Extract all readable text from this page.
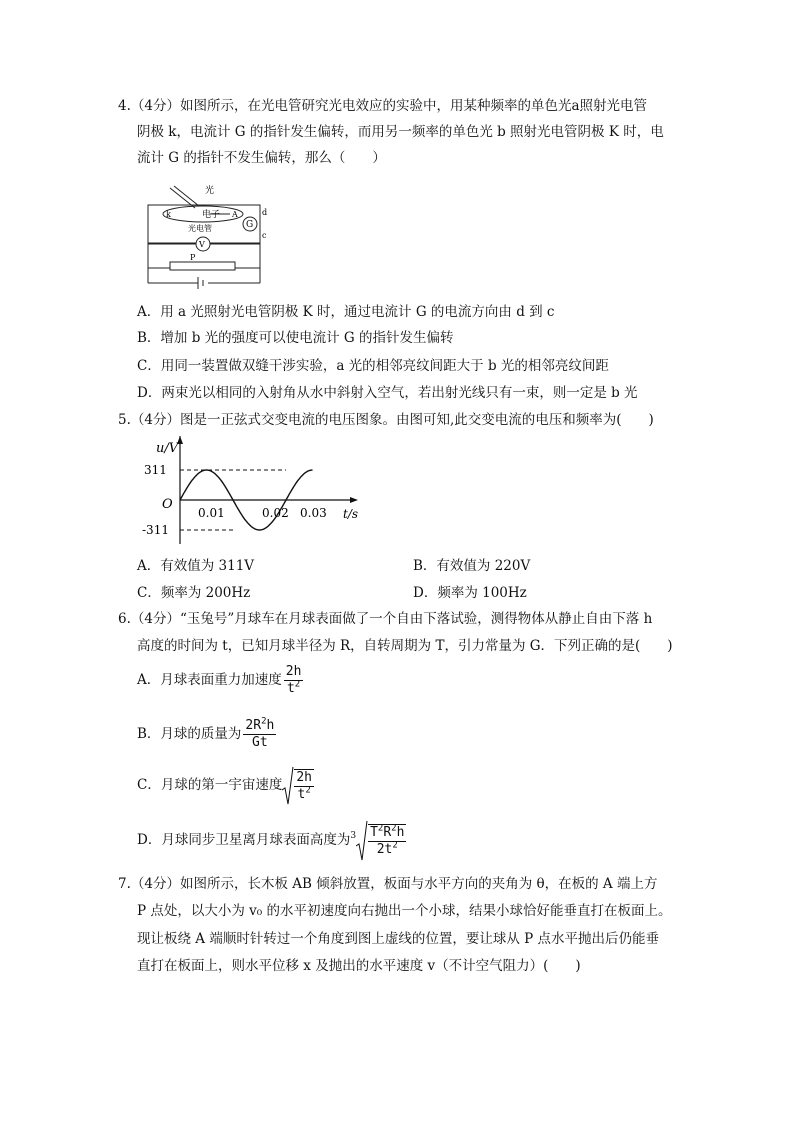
4.（4分）如图所示，在光电管研究光电效应的实验中，用某种频率的单色光a照射光电管
阴极 k，电流计 G 的指针发生偏转，而用另一频率的单色光 b 照射光电管阴极 K 时，电
流计 G 的指针不发生偏转，那么（　　）
光
电子
光电管
k	A
G
V
P
d
c
A．用 a 光照射光电管阴极 K 时，通过电流计 G 的电流方向由 d 到 c
B．增加 b 光的强度可以使电流计 G 的指针发生偏转
C．用同一装置做双缝干涉实验，a 光的相邻亮纹间距大于 b 光的相邻亮纹间距
D．两束光以相同的入射角从水中斜射入空气，若出射光线只有一束，则一定是 b 光
5.（4分）图是一正弦式交变电流的电压图象。由图可知,此交变电流的电压和频率为(　　)
u/V
311
O
-311
0.01	0.02 0.03 t/s
A．有效值为 311V	B．有效值为 220V
C．频率为 200Hz	D．频率为 100Hz
6.（4分）“玉兔号”月球车在月球表面做了一个自由下落试验，测得物体从静止自由下落 h
高度的时间为 t，已知月球半径为 R，自转周期为 T，引力常量为 G．下列正确的是(　　)
A．月球表面重力加速度 $\frac{2h}{t^2}$
B．月球的质量为 $\frac{2R^2h}{Gt}$
C．月球的第一宇宙速度 $\frac{2h}{t^2}$
D．月球同步卫星离月球表面高度为$^3 \frac{T^2R^2h}{2t^2}$
7.（4分）如图所示，长木板 AB 倾斜放置，板面与水平方向的夹角为 θ，在板的 A 端上方
P 点处，以大小为 v₀ 的水平初速度向右抛出一个小球，结果小球恰好能垂直打在板面上。
现让板绕 A 端顺时针转过一个角度到图上虚线的位置，要让球从 P 点水平抛出后仍能垂
直打在板面上，则水平位移 x 及抛出的水平速度 v（不计空气阻力）(　　)
